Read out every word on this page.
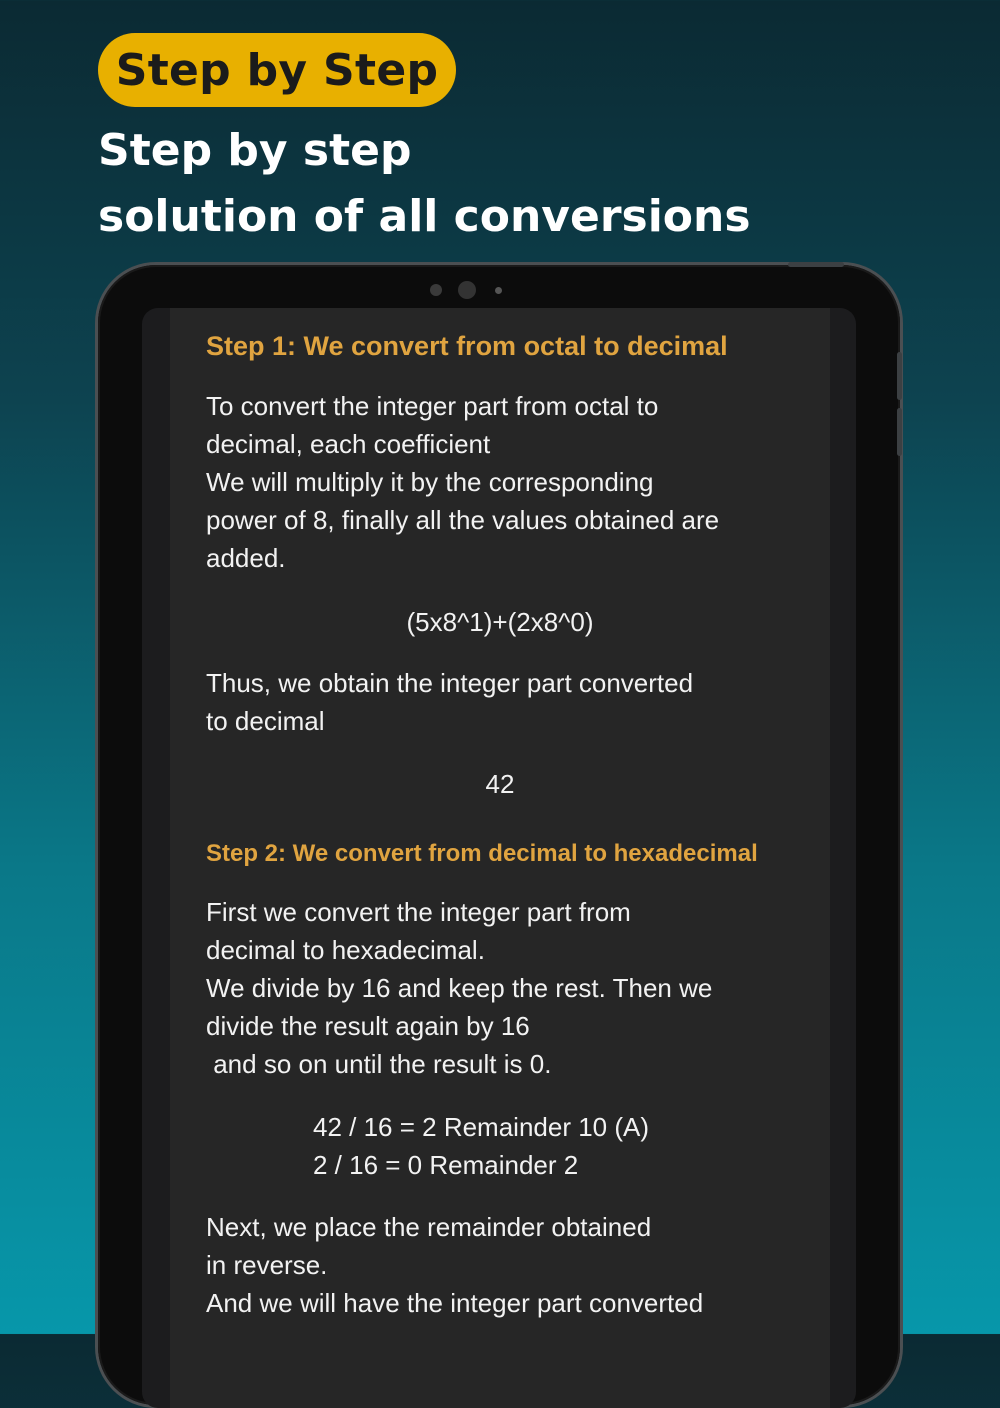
Step by Step
Step by step
solution of all conversions
Step 1: We convert from octal to decimal
To convert the integer part from octal to
decimal, each coefficient
We will multiply it by the corresponding
power of 8, finally all the values obtained are
added.
(5x8^1)+(2x8^0)
Thus, we obtain the integer part converted
to decimal
42
Step 2: We convert from decimal to hexadecimal
First we convert the integer part from
decimal to hexadecimal.
We divide by 16 and keep the rest. Then we
divide the result again by 16
and so on until the result is 0.
42 / 16 = 2 Remainder 10 (A)
2 / 16 = 0 Remainder 2
Next, we place the remainder obtained
in reverse.
And we will have the integer part converted
